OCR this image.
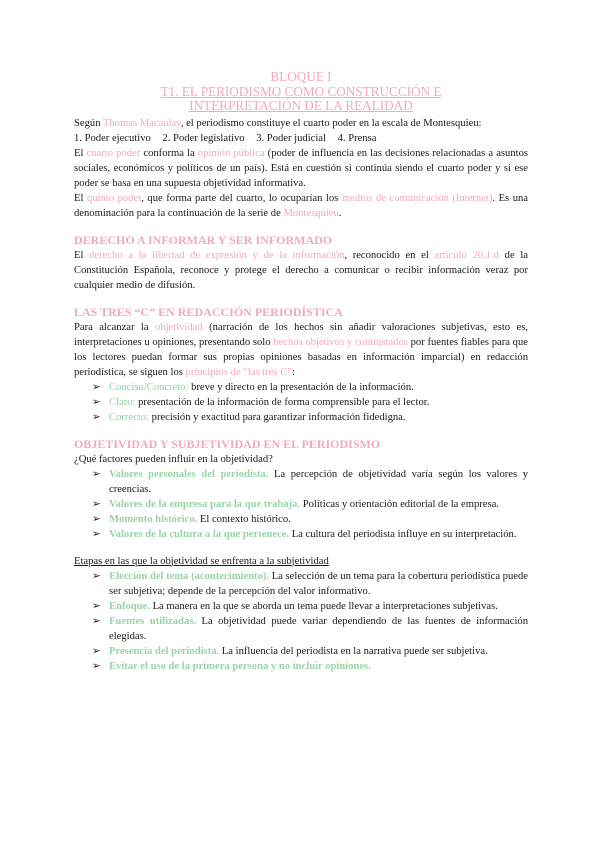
BLOQUE I
T1. EL PERIODISMO COMO CONSTRUCCIÓN E
INTERPRETACIÓN DE LA REALIDAD

Según Thomas Macaulay, el periodismo constituye el cuarto poder en la escala de Montesquieu:

1. Poder ejecutivo 2. Poder legislativo 3. Poder judicial 4. Prensa

El cuarto poder conforma la opinión pública (poder de influencia en las decisiones relacionadas a asuntos sociales, económicos y políticos de un país). Está en cuestión si continúa siendo el cuarto poder y si ese poder se basa en una supuesta objetividad informativa.

El quinto poder, que forma parte del cuarto, lo ocuparían los medios de comunicación (Internet). Es una denominación para la continuación de la serie de Montesquieu.

DERECHO A INFORMAR Y SER INFORMADO

El derecho a la libertad de expresión y de la información, reconocido en el artículo 20.1.d de la Constitución Española, reconoce y protege el derecho a comunicar o recibir información veraz por cualquier medio de difusión.

LAS TRES “C” EN REDACCIÓN PERIODÍSTICA

Para alcanzar la objetividad (narración de los hechos sin añadir valoraciones subjetivas, esto es, interpretaciones u opiniones, presentando solo hechos objetivos y contrastados por fuentes fiables para que los lectores puedan formar sus propias opiniones basadas en información imparcial) en redacción periodística, se siguen los principios de “las tres C”:

➢ Conciso/Concreto: breve y directo en la presentación de la información.
➢ Claro: presentación de la información de forma comprensible para el lector.
➢ Correcto: precisión y exactitud para garantizar información fidedigna.
OBJETIVIDAD Y SUBJETIVIDAD EN EL PERIODISMO

¿Qué factores pueden influir en la objetividad?

➢ Valores personales del periodista. La percepción de objetividad varía según los valores y creencias.
➢ Valores de la empresa para la que trabaja. Políticas y orientación editorial de la empresa.
➢ Momento histórico. El contexto histórico.
➢ Valores de la cultura a la que pertenece. La cultura del periodista influye en su interpretación.

Etapas en las que la objetividad se enfrenta a la subjetividad

➢ Elección del tema (acontecimiento). La selección de un tema para la cobertura periodística puede ser subjetiva; depende de la percepción del valor informativo.
➢ Enfoque. La manera en la que se aborda un tema puede llevar a interpretaciones subjetivas.
➢ Fuentes utilizadas. La objetividad puede variar dependiendo de las fuentes de información elegidas.
➢ Presencia del periodista. La influencia del periodista en la narrativa puede ser subjetiva.
➢ Evitar el uso de la primera persona y no incluir opiniones.
